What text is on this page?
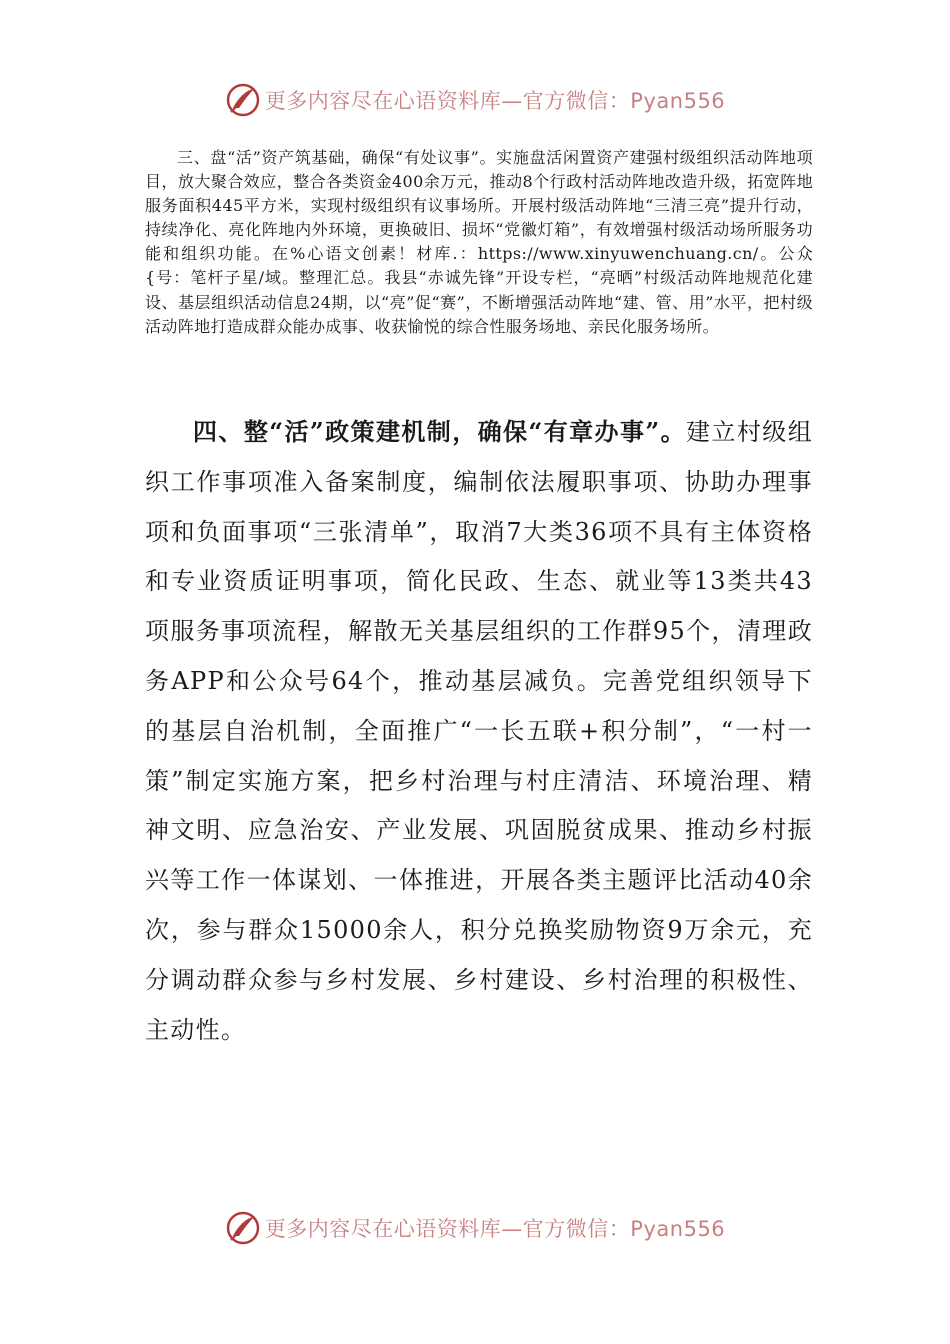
更多内容尽在心语资料库—官方微信：Pyan556

三、盘“活”资产筑基础，确保“有处议事”。实施盘活闲置资产建强村级组织活动阵地项目，放大聚合效应，整合各类资金400余万元，推动8个行政村活动阵地改造升级，拓宽阵地服务面积445平方米，实现村级组织有议事场所。开展村级活动阵地“三清三亮”提升行动，持续净化、亮化阵地内外环境，更换破旧、损坏“党徽灯箱”，有效增强村级活动场所服务功能和组织功能。在%心语文创素！材库.：https://www.xinyuwenchuang.cn/。公众{号：笔杆子星/域。整理汇总。我县“赤诚先锋”开设专栏，“亮晒”村级活动阵地规范化建设、基层组织活动信息24期，以“亮”促“赛”，不断增强活动阵地“建、管、用”水平，把村级活动阵地打造成群众能办成事、收获愉悦的综合性服务场地、亲民化服务场所。

四、整“活”政策建机制，确保“有章办事”。建立村级组织工作事项准入备案制度，编制依法履职事项、协助办理事项和负面事项“三张清单”，取消7大类36项不具有主体资格和专业资质证明事项，简化民政、生态、就业等13类共43项服务事项流程，解散无关基层组织的工作群95个，清理政务APP和公众号64个，推动基层减负。完善党组织领导下的基层自治机制，全面推广“一长五联+积分制”，“一村一策”制定实施方案，把乡村治理与村庄清洁、环境治理、精神文明、应急治安、产业发展、巩固脱贫成果、推动乡村振兴等工作一体谋划、一体推进，开展各类主题评比活动40余次，参与群众15000余人，积分兑换奖励物资9万余元，充分调动群众参与乡村发展、乡村建设、乡村治理的积极性、主动性。

更多内容尽在心语资料库—官方微信：Pyan556
